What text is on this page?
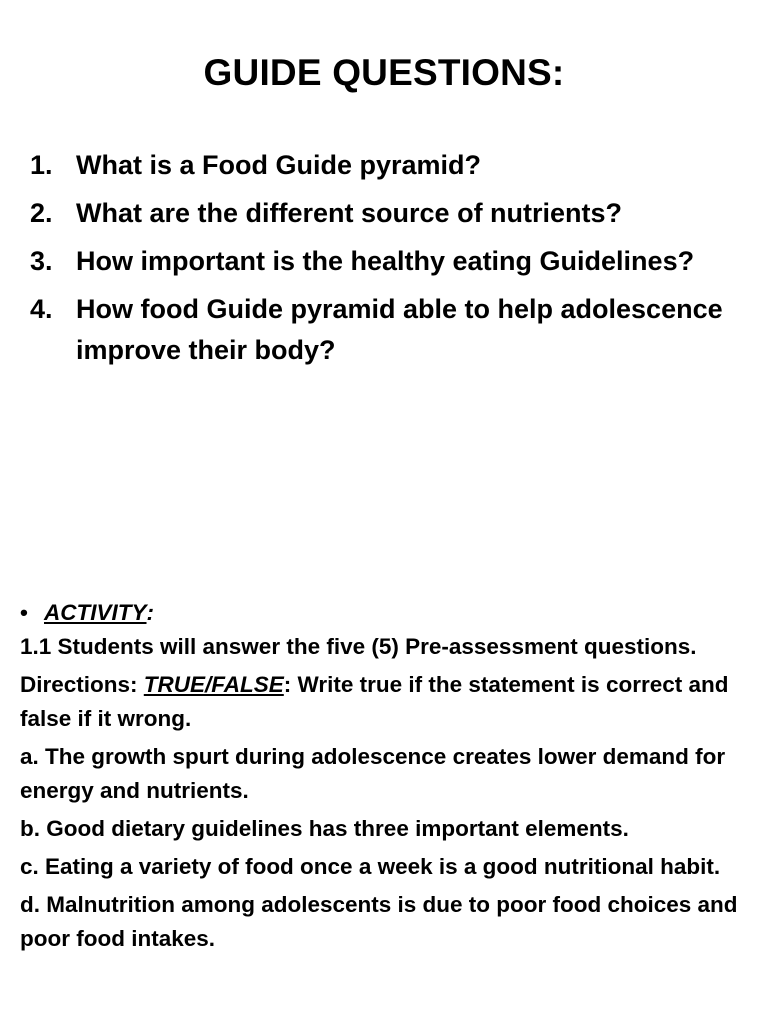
GUIDE QUESTIONS:
1. What is a Food Guide pyramid?
2. What are the different source of nutrients?
3. How important is the healthy eating Guidelines?
4. How food Guide pyramid able to help adolescence improve their body?
• ACTIVITY :
1.1 Students will answer the five (5) Pre-assessment questions.
Directions: TRUE/FALSE: Write true if the statement is correct and false if it wrong.
a. The growth spurt during adolescence creates lower demand for energy and nutrients.
b. Good dietary guidelines has three important elements.
c. Eating a variety of food once a week is a good nutritional habit.
d. Malnutrition among adolescents is due to poor food choices and poor food intakes.
